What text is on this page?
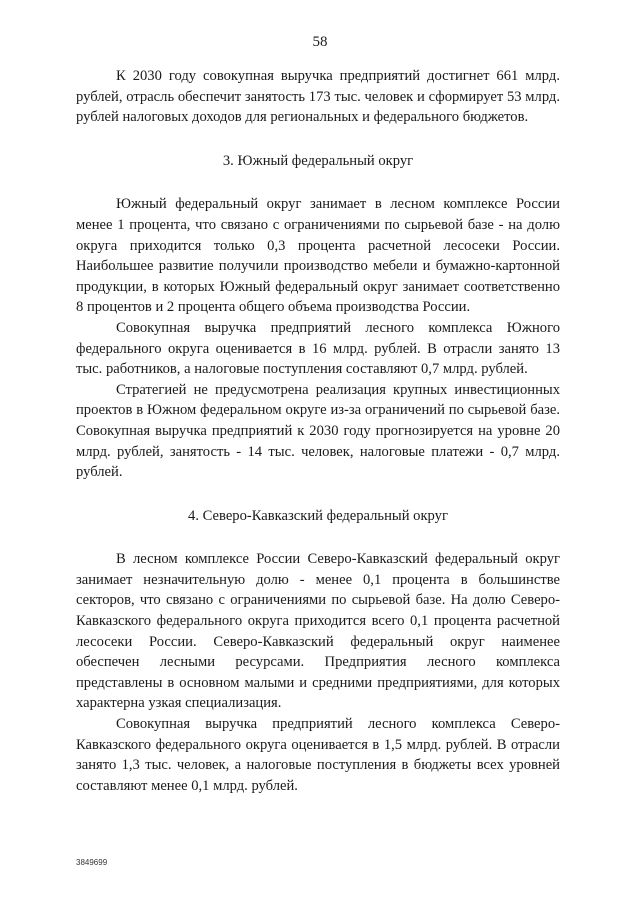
58

К 2030 году совокупная выручка предприятий достигнет 661 млрд. рублей, отрасль обеспечит занятость 173 тыс. человек и сформирует 53 млрд. рублей налоговых доходов для региональных и федерального бюджетов.

3. Южный федеральный округ

Южный федеральный округ занимает в лесном комплексе России менее 1 процента, что связано с ограничениями по сырьевой базе - на долю округа приходится только 0,3 процента расчетной лесосеки России. Наибольшее развитие получили производство мебели и бумажно-картонной продукции, в которых Южный федеральный округ занимает соответственно 8 процентов и 2 процента общего объема производства России.

Совокупная выручка предприятий лесного комплекса Южного федерального округа оценивается в 16 млрд. рублей. В отрасли занято 13 тыс. работников, а налоговые поступления составляют 0,7 млрд. рублей.

Стратегией не предусмотрена реализация крупных инвестиционных проектов в Южном федеральном округе из-за ограничений по сырьевой базе. Совокупная выручка предприятий к 2030 году прогнозируется на уровне 20 млрд. рублей, занятость - 14 тыс. человек, налоговые платежи - 0,7 млрд. рублей.

4. Северо-Кавказский федеральный округ

В лесном комплексе России Северо-Кавказский федеральный округ занимает незначительную долю - менее 0,1 процента в большинстве секторов, что связано с ограничениями по сырьевой базе. На долю Северо-Кавказского федерального округа приходится всего 0,1 процента расчетной лесосеки России. Северо-Кавказский федеральный округ наименее обеспечен лесными ресурсами. Предприятия лесного комплекса представлены в основном малыми и средними предприятиями, для которых характерна узкая специализация.

Совокупная выручка предприятий лесного комплекса Северо-Кавказского федерального округа оценивается в 1,5 млрд. рублей. В отрасли занято 1,3 тыс. человек, а налоговые поступления в бюджеты всех уровней составляют менее 0,1 млрд. рублей.

3849699
